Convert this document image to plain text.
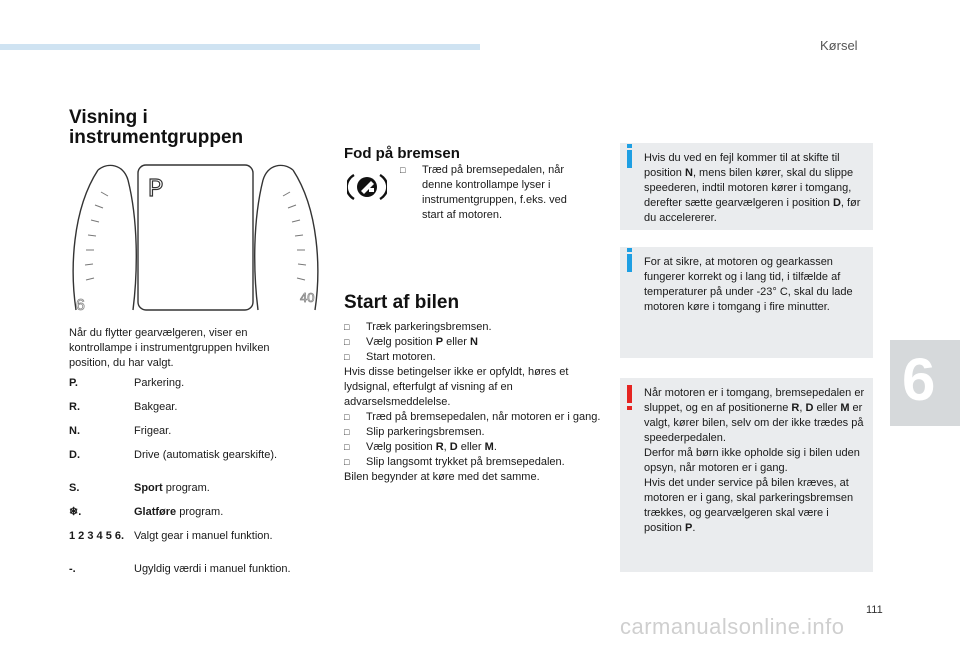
Kørsel
6
Visning i instrumentgruppen
P
6	40
Når du flytter gearvælgeren, viser en kontrollampe i instrumentgruppen hvilken position, du har valgt.
P.	Parkering.
R.	Bakgear.
N.	Frigear.
D.	Drive (automatisk gearskifte).
S.	Sport program.
❄.	Glatføre program.
1 2 3 4 5 6. Valgt gear i manuel funktion.
-.	Ugyldig værdi i manuel funktion.
Fod på bremsen
□ Træd på bremsepedalen, når denne kontrollampe lyser i instrumentgruppen, f.eks. ved start af motoren.
Start af bilen
□ Træk parkeringsbremsen.
□ Vælg position P eller N
□ Start motoren.
Hvis disse betingelser ikke er opfyldt, høres et lydsignal, efterfulgt af visning af en advarselsmeddelelse.
□ Træd på bremsepedalen, når motoren er i gang.
□ Slip parkeringsbremsen.
□ Vælg position R, D eller M.
□ Slip langsomt trykket på bremsepedalen.
Bilen begynder at køre med det samme.
Hvis du ved en fejl kommer til at skifte til position N, mens bilen kører, skal du slippe speederen, indtil motoren kører i tomgang, derefter sætte gearvælgeren i position D, før du accelererer.
For at sikre, at motoren og gearkassen fungerer korrekt og i lang tid, i tilfælde af temperaturer på under -23° C, skal du lade motoren køre i tomgang i fire minutter.
Når motoren er i tomgang, bremsepedalen er sluppet, og en af positionerne R, D eller M er valgt, kører bilen, selv om der ikke trædes på speederpedalen.
Derfor må børn ikke opholde sig i bilen uden opsyn, når motoren er i gang.
Hvis det under service på bilen kræves, at motoren er i gang, skal parkeringsbremsen trækkes, og gearvælgeren skal være i position P.
111
carmanualsonline.info
